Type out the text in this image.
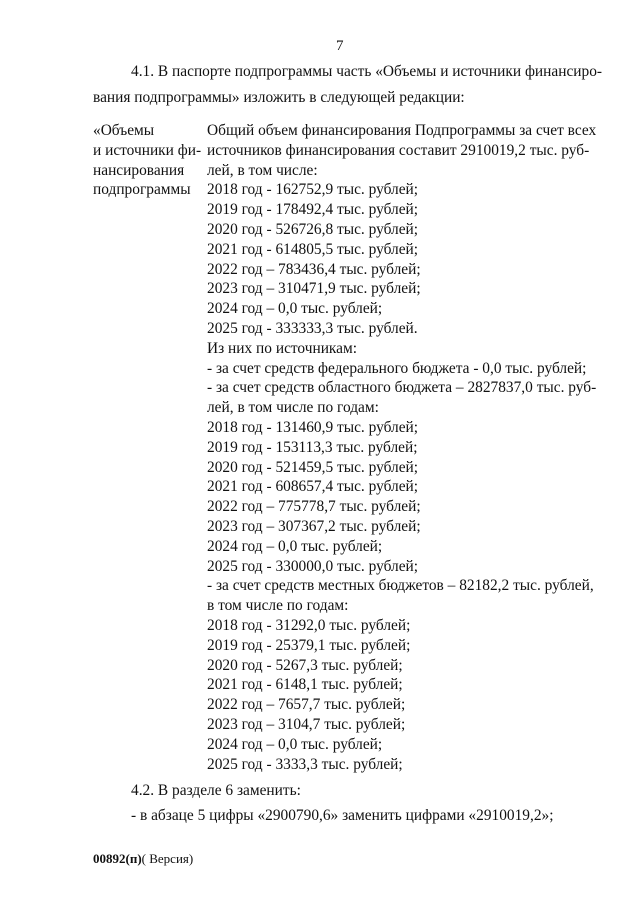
7
4.1. В паспорте подпрограммы часть «Объемы и источники финансиро-
вания подпрограммы» изложить в следующей редакции:
«Объемы
и источники фи-
нансирования
подпрограммы
Общий объем финансирования Подпрограммы за счет всех
источников финансирования составит 2910019,2 тыс. руб-
лей, в том числе:
2018 год - 162752,9 тыс. рублей;
2019 год - 178492,4 тыс. рублей;
2020 год - 526726,8 тыс. рублей;
2021 год - 614805,5 тыс. рублей;
2022 год – 783436,4 тыс. рублей;
2023 год – 310471,9 тыс. рублей;
2024 год – 0,0 тыс. рублей;
2025 год - 333333,3 тыс. рублей.
Из них по источникам:
- за счет средств федерального бюджета - 0,0 тыс. рублей;
- за счет средств областного бюджета – 2827837,0 тыс. руб-
лей, в том числе по годам:
2018 год - 131460,9 тыс. рублей;
2019 год - 153113,3 тыс. рублей;
2020 год - 521459,5 тыс. рублей;
2021 год - 608657,4 тыс. рублей;
2022 год – 775778,7 тыс. рублей;
2023 год – 307367,2 тыс. рублей;
2024 год – 0,0 тыс. рублей;
2025 год - 330000,0 тыс. рублей;
- за счет средств местных бюджетов – 82182,2 тыс. рублей,
в том числе по годам:
2018 год - 31292,0 тыс. рублей;
2019 год - 25379,1 тыс. рублей;
2020 год - 5267,3 тыс. рублей;
2021 год - 6148,1 тыс. рублей;
2022 год – 7657,7 тыс. рублей;
2023 год – 3104,7 тыс. рублей;
2024 год – 0,0 тыс. рублей;
2025 год - 3333,3 тыс. рублей;
4.2. В разделе 6 заменить:
- в абзаце 5 цифры «2900790,6» заменить цифрами «2910019,2»;
00892(п)( Версия)
